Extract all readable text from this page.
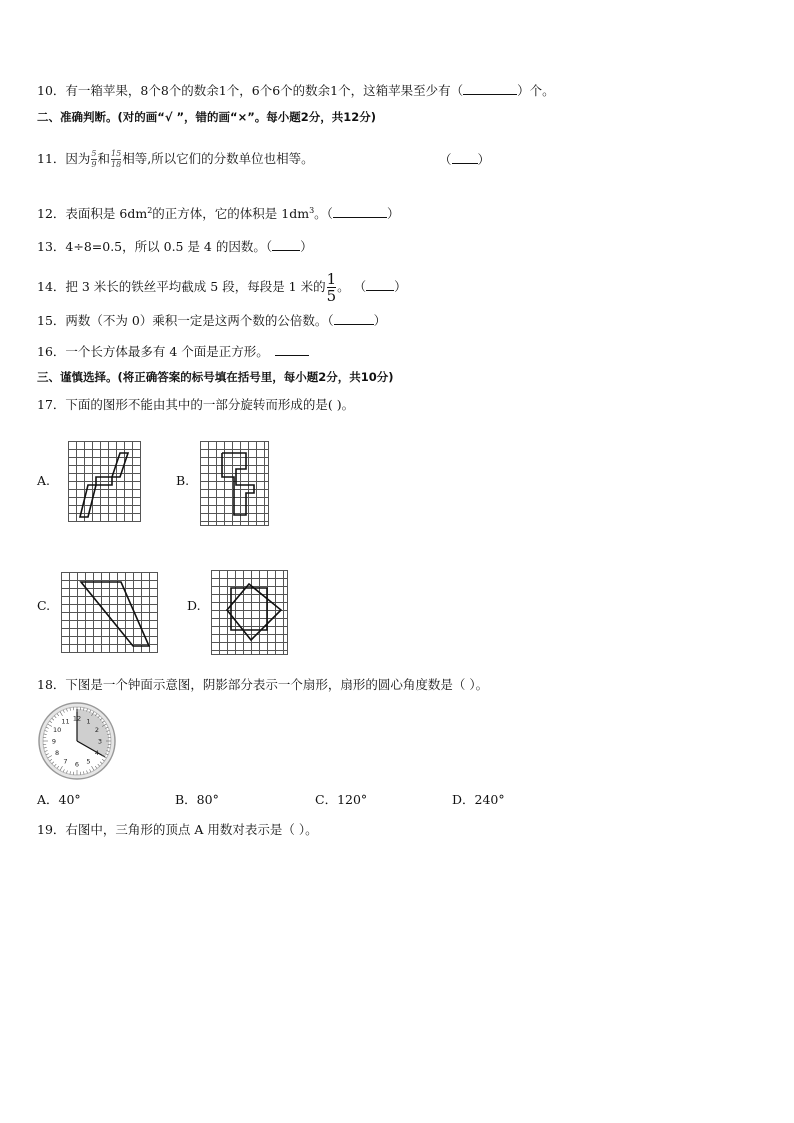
10．有一箱苹果，8个8个的数余1个，6个6个的数余1个，这箱苹果至少有（	）个。
二、准确判断。(对的画“√ ”，错的画“×”。每小题2分，共12分)
11．因为 $\frac{5}{9}$ 和 $\frac{15}{18}$ 相等,所以它们的分数单位也相等。	（ ）
12．表面积是 $6dm^2$的正方体，它的体积是 $1dm^3$。（	）
13．4÷8=0.5，所以 0.5 是 4 的因数。（ ）
14．把 3 米长的铁丝平均截成 5 段，每段是 1 米的 $\frac{1}{5}$ 。 （ ）
15．两数（不为 0）乘积一定是这两个数的公倍数。（	）
16．一个长方体最多有 4 个面是正方形。
三、谨慎选择。(将正确答案的标号填在括号里，每小题2分，共10分)
17．下面的图形不能由其中的一部分旋转而形成的是( )。
A.	B.
C.	D.
18．下图是一个钟面示意图，阴影部分表示一个扇形，扇形的圆心角度数是（ ）。
12 1
2
3
4
5
6
7
8
9
10
11
A．40°	B．80°	C．120°	D．240°
19．右图中，三角形的顶点 A 用数对表示是（ ）。
